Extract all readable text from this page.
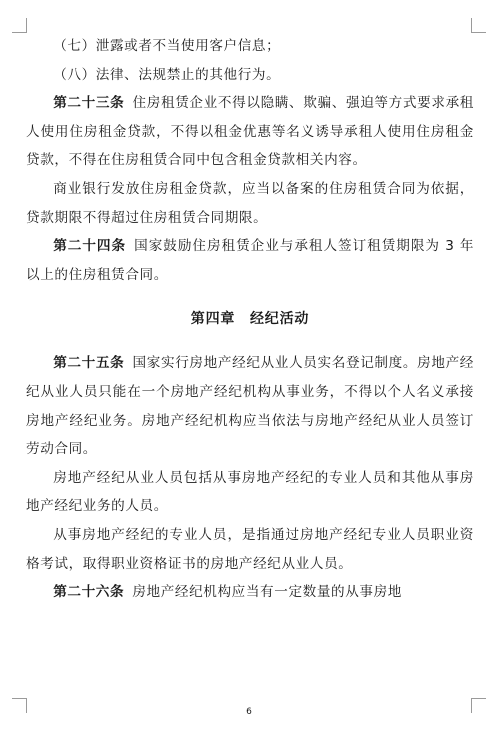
（七）泄露或者不当使用客户信息；

（八）法律、法规禁止的其他行为。

第二十三条 住房租赁企业不得以隐瞒、欺骗、强迫等方式要求承租人使用住房租金贷款，不得以租金优惠等名义诱导承租人使用住房租金贷款，不得在住房租赁合同中包含租金贷款相关内容。

商业银行发放住房租金贷款，应当以备案的住房租赁合同为依据，贷款期限不得超过住房租赁合同期限。

第二十四条 国家鼓励住房租赁企业与承租人签订租赁期限为 3 年以上的住房租赁合同。

第四章　经纪活动

第二十五条 国家实行房地产经纪从业人员实名登记制度。房地产经纪从业人员只能在一个房地产经纪机构从事业务，不得以个人名义承接房地产经纪业务。房地产经纪机构应当依法与房地产经纪从业人员签订劳动合同。

房地产经纪从业人员包括从事房地产经纪的专业人员和其他从事房地产经纪业务的人员。

从事房地产经纪的专业人员，是指通过房地产经纪专业人员职业资格考试，取得职业资格证书的房地产经纪从业人员。

第二十六条 房地产经纪机构应当有一定数量的从事房地

6
